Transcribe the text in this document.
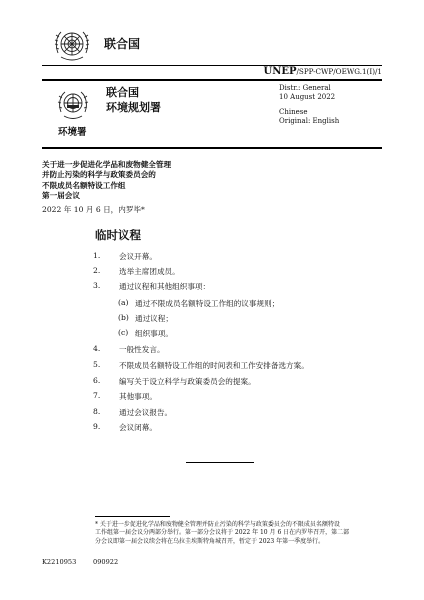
联合国
UNEP/SPP-CWP/OEWG.1(I)/1
环境署
联合国
环境规划署
Distr.: General
10 August 2022
Chinese
Original: English
关于进一步促进化学品和废物健全管理
并防止污染的科学与政策委员会的
不限成员名额特设工作组
第一届会议
2022 年 10 月 6 日，内罗毕*
临时议程
1. 会议开幕。
2. 选举主席团成员。
3. 通过议程和其他组织事项：
(a) 通过不限成员名额特设工作组的议事规则；
(b) 通过议程；
(c) 组织事项。
4. 一般性发言。
5. 不限成员名额特设工作组的时间表和工作安排备选方案。
6. 编写关于设立科学与政策委员会的提案。
7. 其他事项。
8. 通过会议报告。
9. 会议闭幕。
* 关于进一步促进化学品和废物健全管理并防止污染的科学与政策委员会的不限成员名额特设
工作组第一届会议分两部分举行。第一部分会议将于 2022 年 10 月 6 日在内罗毕召开，第二部
分会议即第一届会议续会将在乌拉圭埃斯特角城召开，暂定于 2023 年第一季度举行。
K2210953	090922
